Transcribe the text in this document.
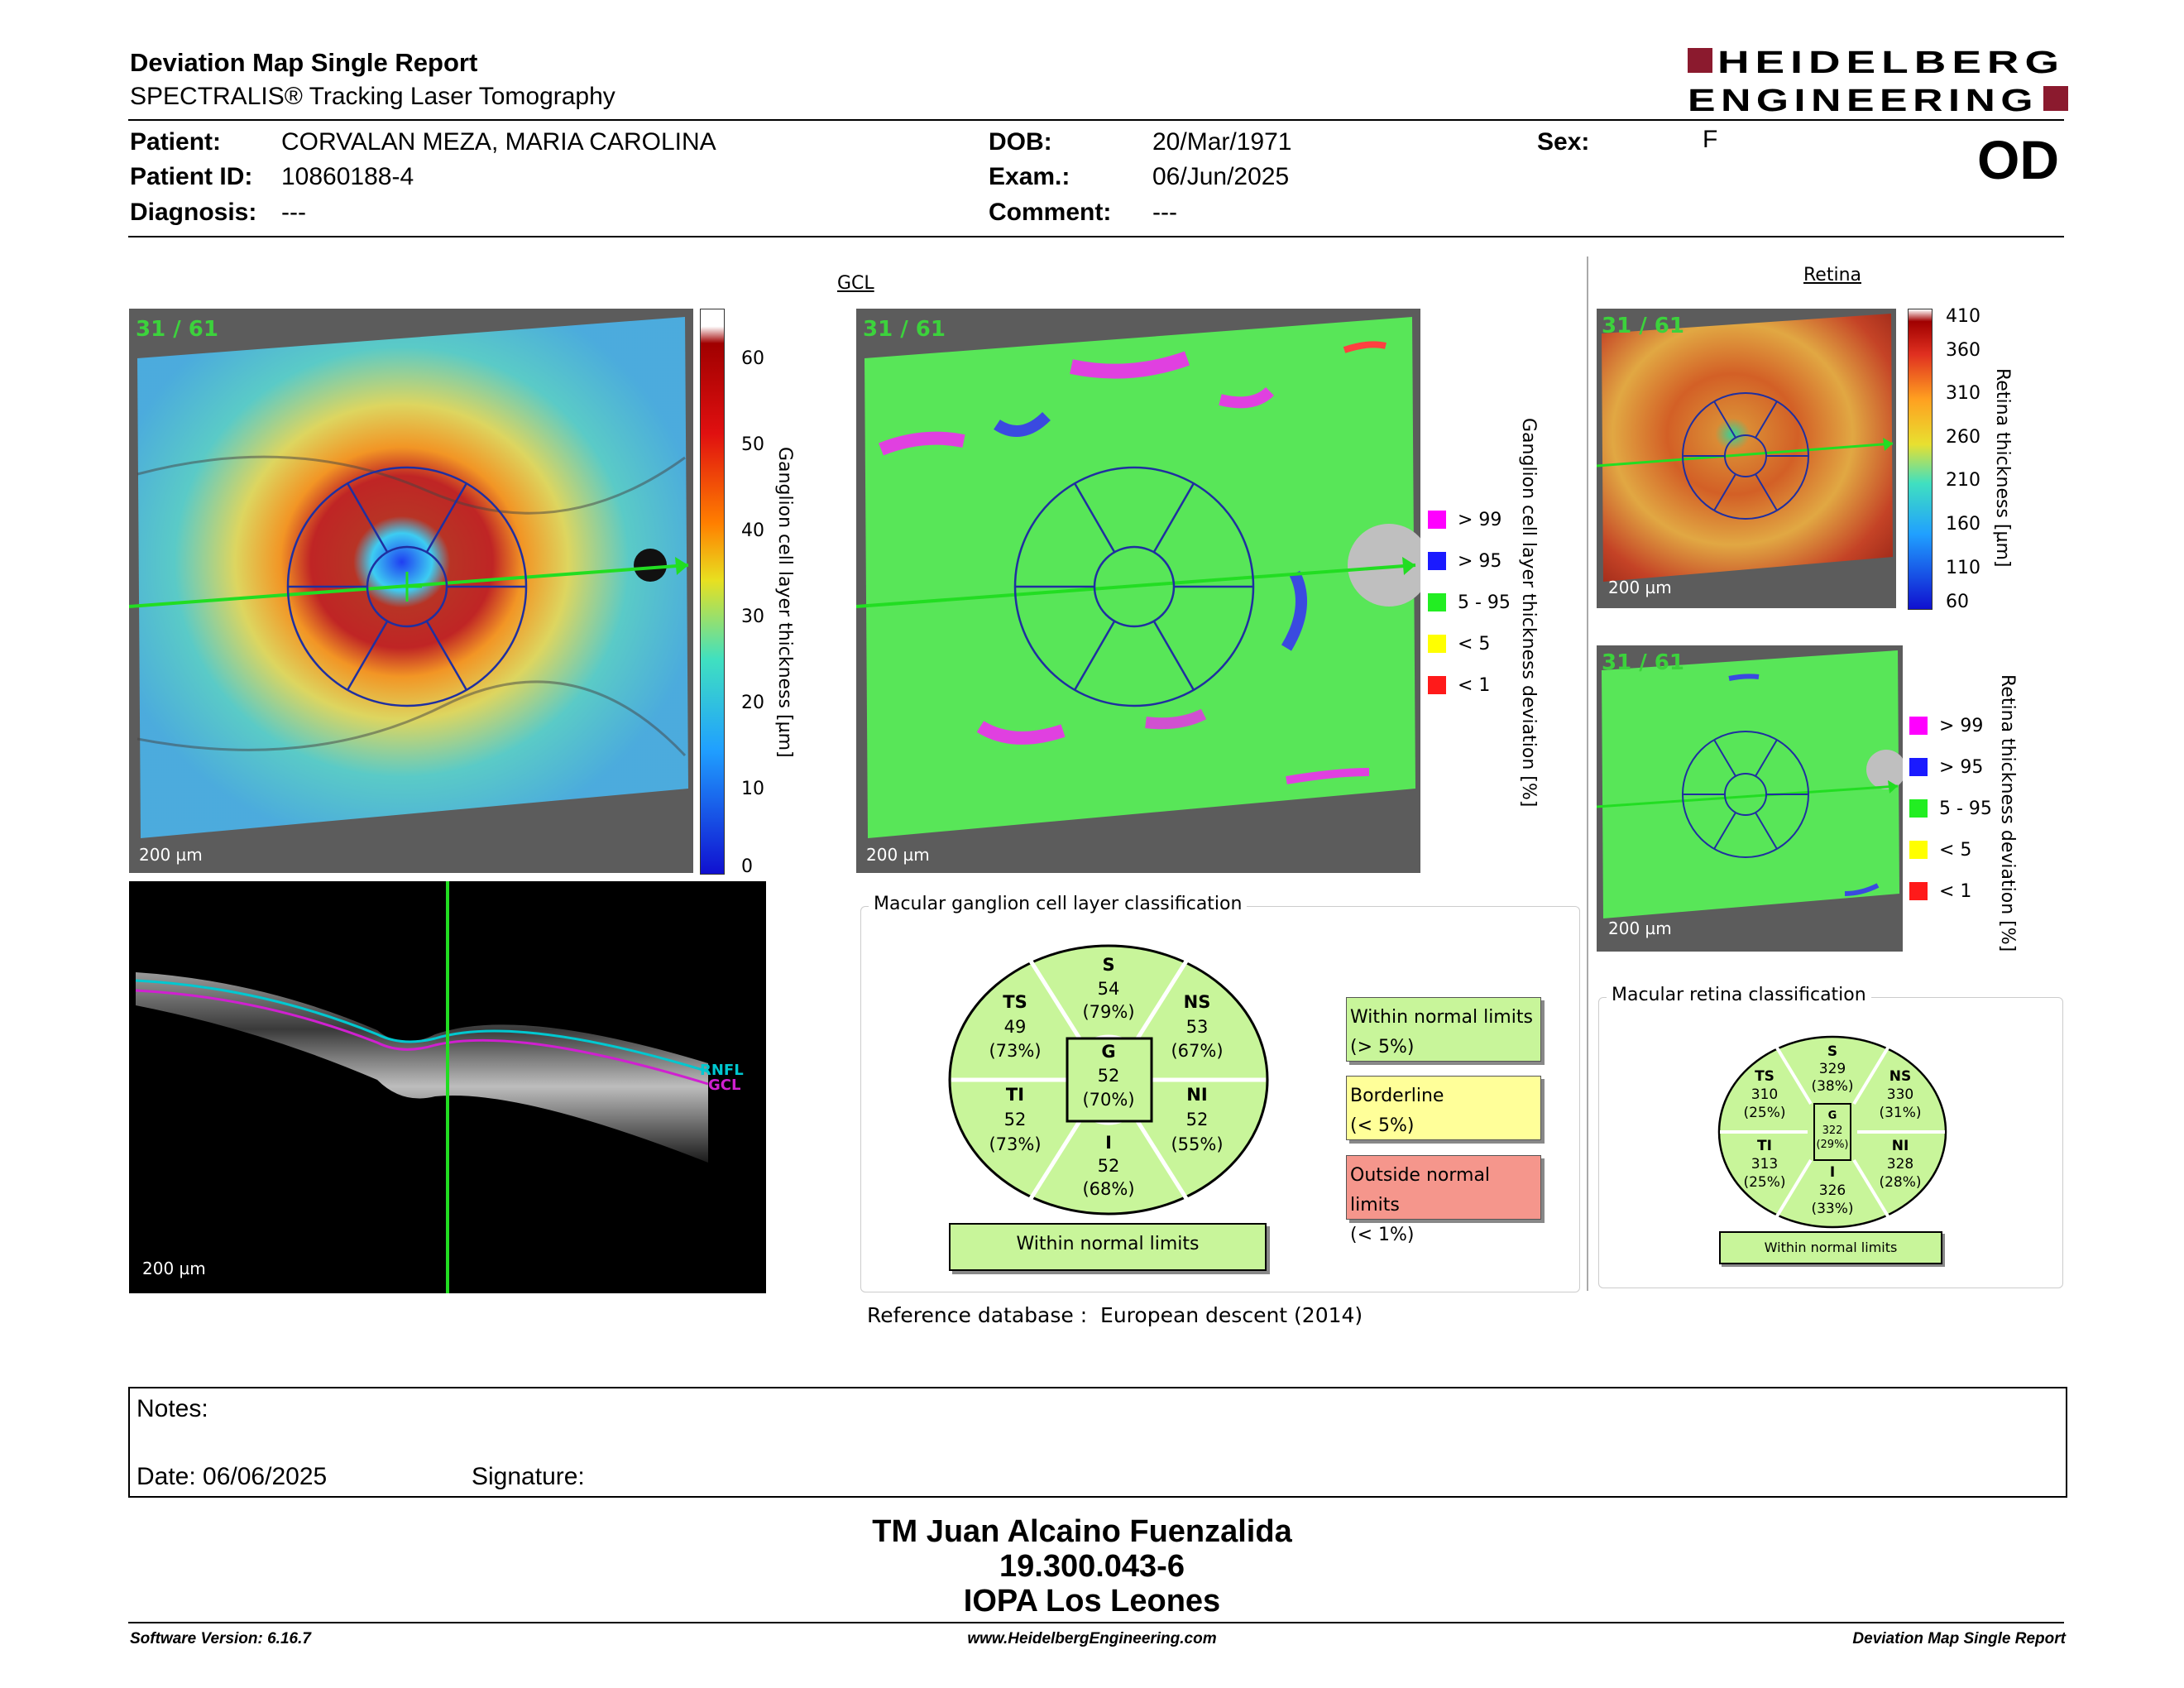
Deviation Map Single Report
SPECTRALIS® Tracking Laser Tomography
HEIDELBERG
ENGINEERING
Patient: CORVALAN MEZA, MARIA CAROLINA
Patient ID: 10860188-4
Diagnosis: ---
DOB:	20/Mar/1971
Exam.:	06/Jun/2025
Comment: ---
Sex:	F	OD
31 / 61
200 µm
60
50
40
30
20
10
0
Ganglion cell layer thickness [µm]
RNFL
GCL
200 µm
GCL
31 / 61
200 µm
> 99
> 95
5 - 95
< 5
< 1 Ganglion cell layer thickness deviation [%]
Retina
31 / 61
200 µm
410
360
310
260
210
160
110
60
Retina thickness [µm]
31 / 61
200 µm
> 99
> 95
5 - 95
< 5
< 1 Retina thickness deviation [%]
Macular ganglion cell layer classification
S
54
(79%)
TS
49
(73%)
NS
53
(67%)
G
52
(70%)
TI
52
(73%)
NI
52
(55%)
I
52
(68%)
Within normal limits
Within normal limits
(> 5%)
Borderline
(< 5%)
Outside normal limits
(< 1%)
Reference database : European descent (2014)
Macular retina classification
S
329
(38%)
TS
310
(25%)
NS
330
(31%)
TI
313
(25%)
NI
328
(28%)
I
326
(33%)
G
322
(29%)
Within normal limits
Notes:
Date: 06/06/2025	Signature:
TM Juan Alcaino Fuenzalida
19.300.043-6
IOPA Los Leones
Software Version: 6.16.7	www.HeidelbergEngineering.com	Deviation Map Single Report
